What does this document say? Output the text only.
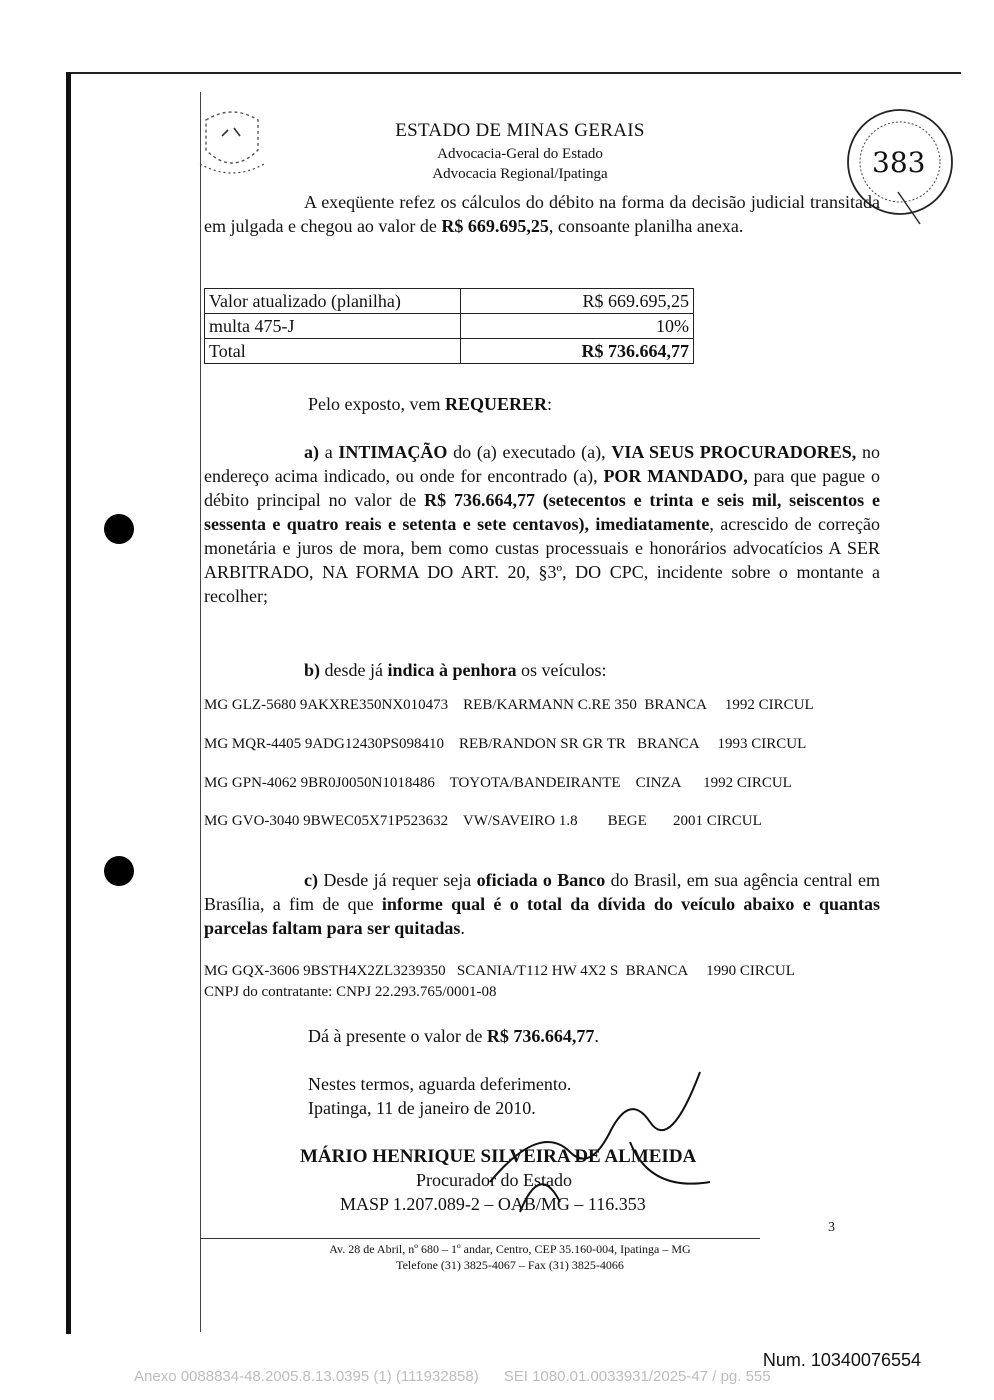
ESTADO DE MINAS GERAIS
Advocacia-Geral do Estado
Advocacia Regional/Ipatinga	383

A exeqüente refez os cálculos do débito na forma da decisão judicial transitada em julgada e chegou ao valor de R$ 669.695,25, consoante planilha anexa.

Valor atualizado (planilha)	R$ 669.695,25
multa 475-J	10%
Total	R$ 736.664,77

Pelo exposto, vem REQUERER:

a) a INTIMAÇÃO do (a) executado (a), VIA SEUS PROCURADORES, no endereço acima indicado, ou onde for encontrado (a), POR MANDADO, para que pague o débito principal no valor de R$ 736.664,77 (setecentos e trinta e seis mil, seiscentos e sessenta e quatro reais e setenta e sete centavos), imediatamente, acrescido de correção monetária e juros de mora, bem como custas processuais e honorários advocatícios A SER ARBITRADO, NA FORMA DO ART. 20, §3º, DO CPC, incidente sobre o montante a recolher;

b) desde já indica à penhora os veículos:

MG GLZ-5680 9AKXRE350NX010473    REB/KARMANN C.RE 350  BRANCA     1992 CIRCUL
MG MQR-4405 9ADG12430PS098410    REB/RANDON SR GR TR   BRANCA     1993 CIRCUL
MG GPN-4062 9BR0J0050N1018486    TOYOTA/BANDEIRANTE    CINZA      1992 CIRCUL
MG GVO-3040 9BWEC05X71P523632    VW/SAVEIRO 1.8        BEGE       2001 CIRCUL

c) Desde já requer seja oficiada o Banco do Brasil, em sua agência central em Brasília, a fim de que informe qual é o total da dívida do veículo abaixo e quantas parcelas faltam para ser quitadas.

MG GQX-3606 9BSTH4X2ZL3239350   SCANIA/T112 HW 4X2 S  BRANCA     1990 CIRCUL
CNPJ do contratante: CNPJ 22.293.765/0001-08
Dá à presente o valor de R$ 736.664,77.
Nestes termos, aguarda deferimento.
Ipatinga, 11 de janeiro de 2010.
MÁRIO HENRIQUE SILVEIRA DE ALMEIDA
Procurador do Estado
MASP 1.207.089-2 – OAB/MG – 116.353
3
Av. 28 de Abril, nº 680 – 1º andar, Centro, CEP 35.160-004, Ipatinga – MG
Telefone (31) 3825-4067 – Fax (31) 3825-4066
Num. 10340076554
Anexo 0088834-48.2005.8.13.0395 (1) (111932858)      SEI 1080.01.0033931/2025-47 / pg. 555
